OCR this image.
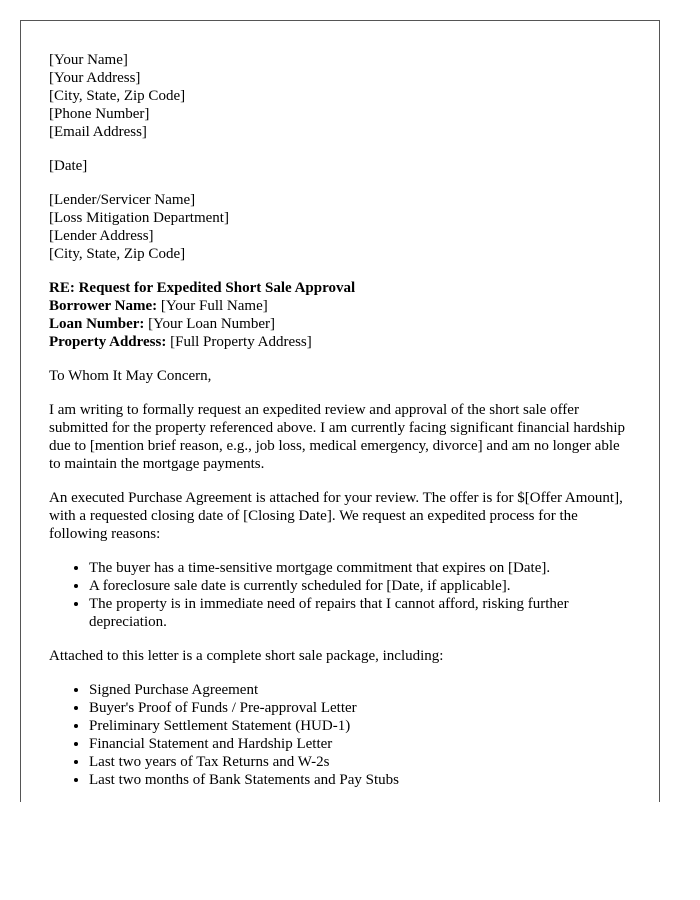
[Your Name]

[Your Address]

[City, State, Zip Code]

[Phone Number]

[Email Address]

[Date]

[Lender/Servicer Name]

[Loss Mitigation Department]

[Lender Address]

[City, State, Zip Code]

RE: Request for Expedited Short Sale Approval

Borrower Name: [Your Full Name]

Loan Number: [Your Loan Number]

Property Address: [Full Property Address]

To Whom It May Concern,

I am writing to formally request an expedited review and approval of the short sale offer submitted for the property referenced above. I am currently facing significant financial hardship due to [mention brief reason, e.g., job loss, medical emergency, divorce] and am no longer able to maintain the mortgage payments.

An executed Purchase Agreement is attached for your review. The offer is for $[Offer Amount], with a requested closing date of [Closing Date]. We request an expedited process for the following reasons:

• The buyer has a time-sensitive mortgage commitment that expires on [Date].
• A foreclosure sale date is currently scheduled for [Date, if applicable].
• The property is in immediate need of repairs that I cannot afford, risking further depreciation.

Attached to this letter is a complete short sale package, including:

• Signed Purchase Agreement
• Buyer's Proof of Funds / Pre-approval Letter
• Preliminary Settlement Statement (HUD-1)
• Financial Statement and Hardship Letter
• Last two years of Tax Returns and W-2s
• Last two months of Bank Statements and Pay Stubs
